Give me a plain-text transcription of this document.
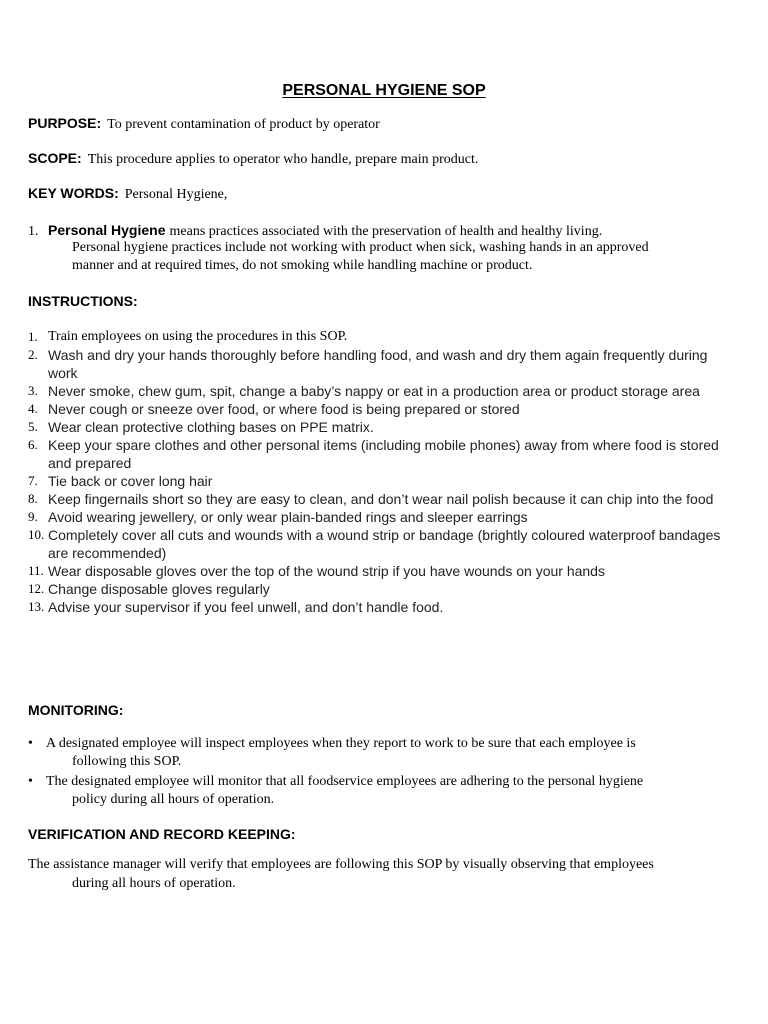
PERSONAL HYGIENE SOP
PURPOSE: To prevent contamination of product by operator
SCOPE: This procedure applies to operator who handle, prepare main product.
KEY WORDS: Personal Hygiene,
1. Personal Hygiene means practices associated with the preservation of health and healthy living.
Personal hygiene practices include not working with product when sick, washing hands in an approved
manner and at required times, do not smoking while handling machine or product.
INSTRUCTIONS:
1. Train employees on using the procedures in this SOP.
2. Wash and dry your hands thoroughly before handling food, and wash and dry them again frequently during work
3. Never smoke, chew gum, spit, change a baby’s nappy or eat in a production area or product storage area
4. Never cough or sneeze over food, or where food is being prepared or stored
5. Wear clean protective clothing bases on PPE matrix.
6. Keep your spare clothes and other personal items (including mobile phones) away from where food is stored and prepared
7. Tie back or cover long hair
8. Keep fingernails short so they are easy to clean, and don’t wear nail polish because it can chip into the food
9. Avoid wearing jewellery, or only wear plain-banded rings and sleeper earrings
10. Completely cover all cuts and wounds with a wound strip or bandage (brightly coloured waterproof bandages are recommended)
11. Wear disposable gloves over the top of the wound strip if you have wounds on your hands
12. Change disposable gloves regularly
13. Advise your supervisor if you feel unwell, and don’t handle food.
MONITORING:
• A designated employee will inspect employees when they report to work to be sure that each employee is
following this SOP.
• The designated employee will monitor that all foodservice employees are adhering to the personal hygiene
policy during all hours of operation.
VERIFICATION AND RECORD KEEPING:
The assistance manager will verify that employees are following this SOP by visually observing that employees
during all hours of operation.
